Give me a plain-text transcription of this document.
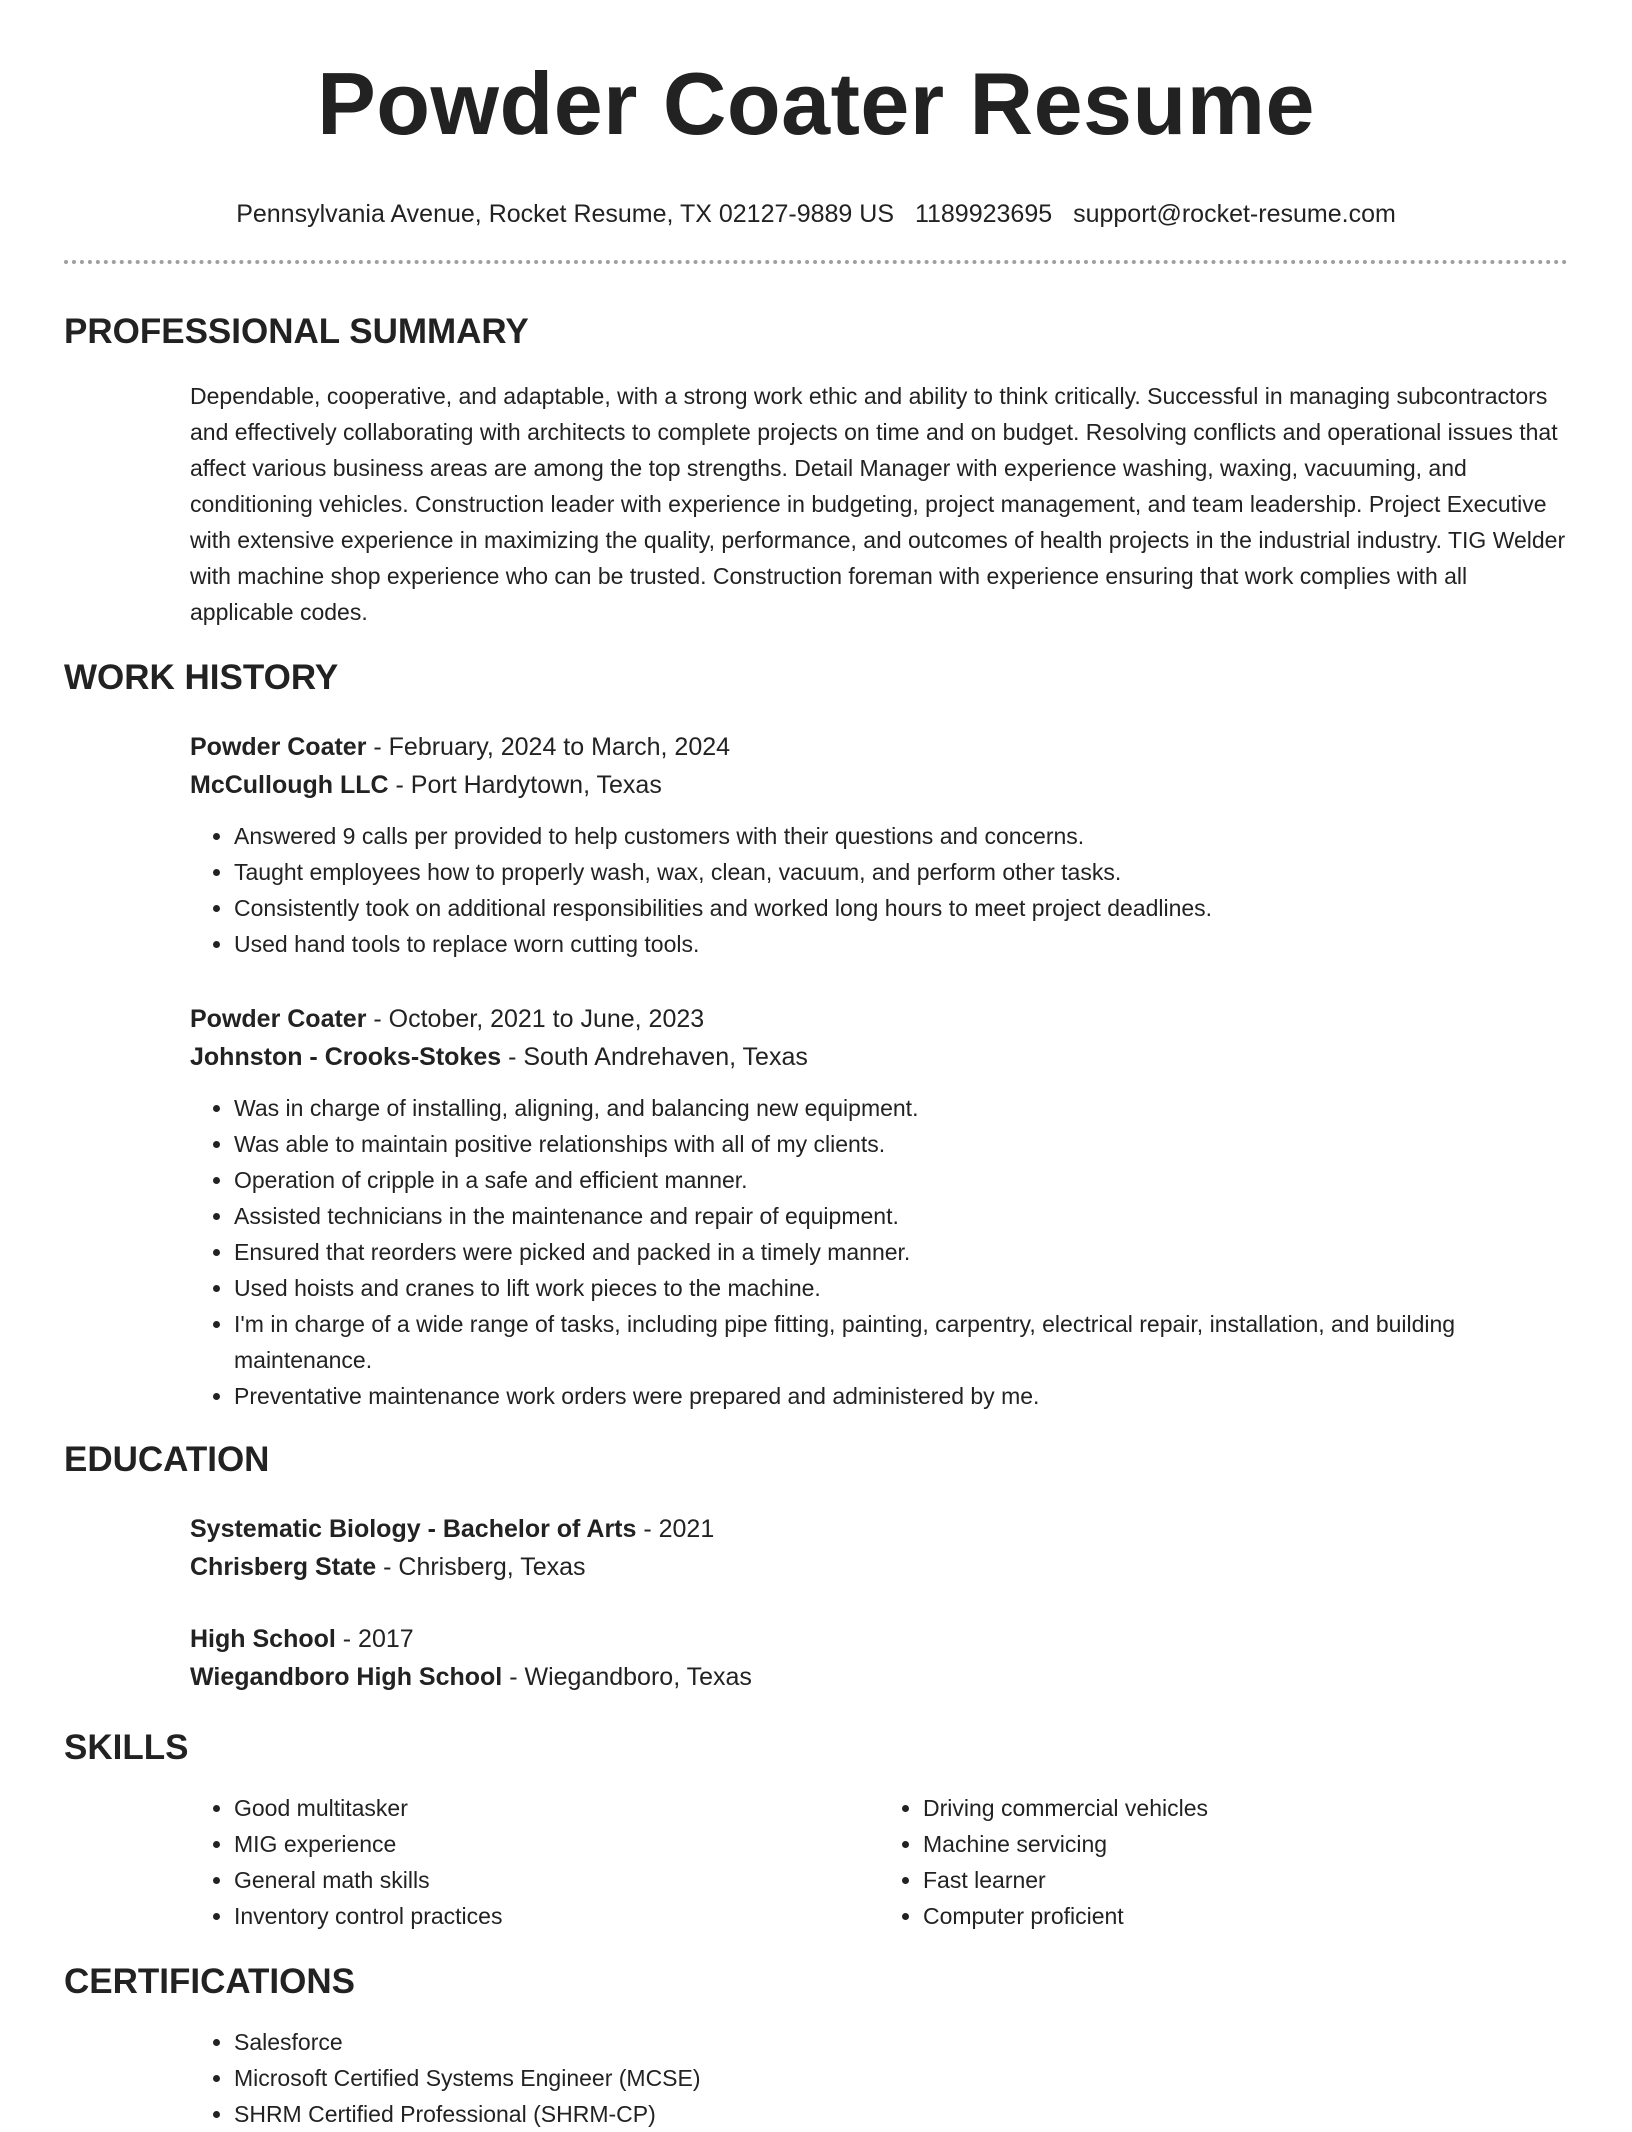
Powder Coater Resume
Pennsylvania Avenue, Rocket Resume, TX 02127-9889 US 1189923695 support@rocket-resume.com
PROFESSIONAL SUMMARY
Dependable, cooperative, and adaptable, with a strong work ethic and ability to think critically. Successful in managing subcontractors and effectively collaborating with architects to complete projects on time and on budget. Resolving conflicts and operational issues that affect various business areas are among the top strengths. Detail Manager with experience washing, waxing, vacuuming, and conditioning vehicles. Construction leader with experience in budgeting, project management, and team leadership. Project Executive with extensive experience in maximizing the quality, performance, and outcomes of health projects in the industrial industry. TIG Welder with machine shop experience who can be trusted. Construction foreman with experience ensuring that work complies with all applicable codes.
WORK HISTORY
Powder Coater - February, 2024 to March, 2024
McCullough LLC - Port Hardytown, Texas
• Answered 9 calls per provided to help customers with their questions and concerns.
• Taught employees how to properly wash, wax, clean, vacuum, and perform other tasks.
• Consistently took on additional responsibilities and worked long hours to meet project deadlines.
• Used hand tools to replace worn cutting tools.
Powder Coater - October, 2021 to June, 2023
Johnston - Crooks-Stokes - South Andrehaven, Texas
• Was in charge of installing, aligning, and balancing new equipment.
• Was able to maintain positive relationships with all of my clients.
• Operation of cripple in a safe and efficient manner.
• Assisted technicians in the maintenance and repair of equipment.
• Ensured that reorders were picked and packed in a timely manner.
• Used hoists and cranes to lift work pieces to the machine.
• I'm in charge of a wide range of tasks, including pipe fitting, painting, carpentry, electrical repair, installation, and building maintenance.
• Preventative maintenance work orders were prepared and administered by me.
EDUCATION
Systematic Biology - Bachelor of Arts - 2021
Chrisberg State - Chrisberg, Texas
High School - 2017
Wiegandboro High School - Wiegandboro, Texas
SKILLS
• Good multitasker
• MIG experience
• General math skills
• Inventory control practices
• Driving commercial vehicles
• Machine servicing
• Fast learner
• Computer proficient
CERTIFICATIONS
• Salesforce
• Microsoft Certified Systems Engineer (MCSE)
• SHRM Certified Professional (SHRM-CP)
